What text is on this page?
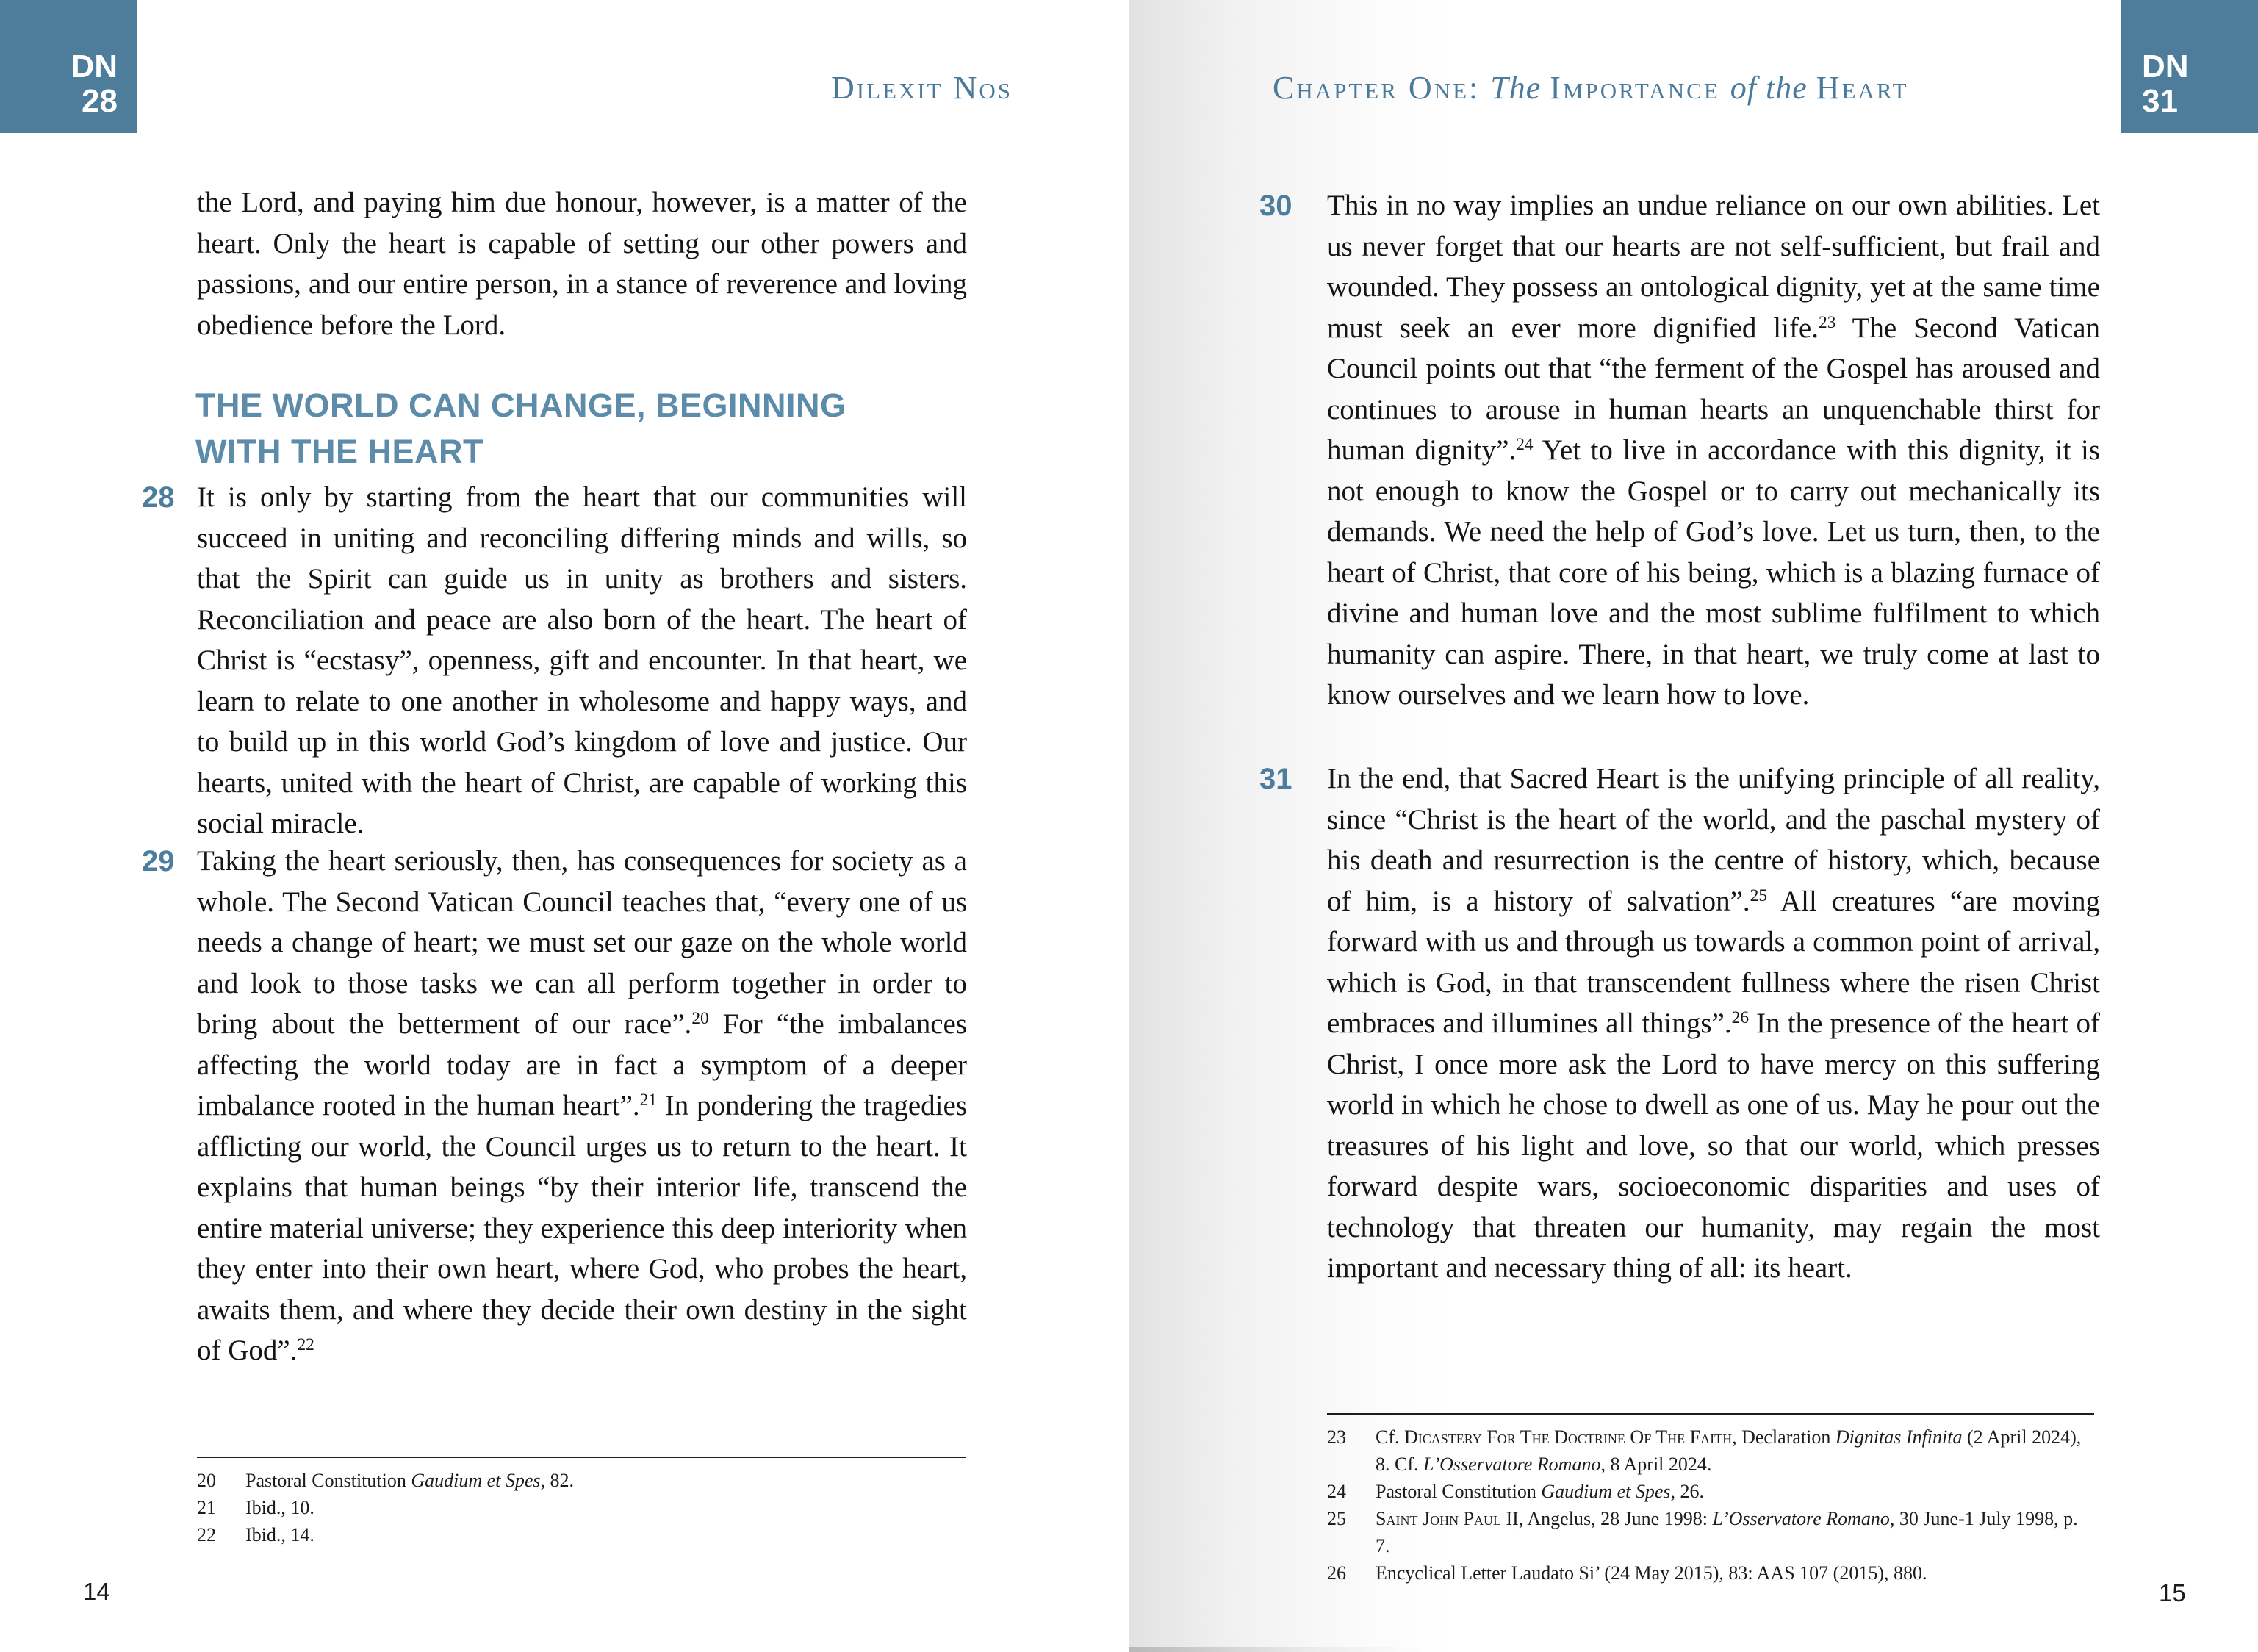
DN
28	Dilexit Nos

the Lord, and paying him due honour, however, is a matter of the heart. Only the heart is capable of setting our other powers and passions, and our entire person, in a stance of reverence and loving obedience before the Lord.

THE WORLD CAN CHANGE, BEGINNING
WITH THE HEART
28 It is only by starting from the heart that our communities will succeed in uniting and reconciling differing minds and wills, so that the Spirit can guide us in unity as brothers and sisters. Reconciliation and peace are also born of the heart. The heart of Christ is “ecstasy”, openness, gift and encounter. In that heart, we learn to relate to one another in wholesome and happy ways, and to build up in this world God’s kingdom of love and justice. Our hearts, united with the heart of Christ, are capable of working this social miracle.

29 Taking the heart seriously, then, has consequences for society as a whole. The Second Vatican Council teaches that, “every one of us needs a change of heart; we must set our gaze on the whole world and look to those tasks we can all perform together in order to bring about the betterment of our race”.$^{20}$ For “the imbalances affecting the world today are in fact a symptom of a deeper imbalance rooted in the human heart”.$^{21}$ In pondering the tragedies afflicting our world, the Council urges us to return to the heart. It explains that human beings “by their interior life, transcend the entire material universe; they experience this deep interiority when they enter into their own heart, where God, who probes the heart, awaits them, and where they decide their own destiny in the sight of God”.$^{22}$

20 Pastoral Constitution Gaudium et Spes, 82.
21 Ibid., 10.
22 Ibid., 14.
14
DN
31
Chapter One: The Importance of the Heart
30 This in no way implies an undue reliance on our own abilities. Let us never forget that our hearts are not self-sufficient, but frail and wounded. They possess an ontological dignity, yet at the same time must seek an ever more dignified life.$^{23}$ The Second Vatican Council points out that “the ferment of the Gospel has aroused and continues to arouse in human hearts an unquenchable thirst for human dignity”.$^{24}$ Yet to live in accordance with this dignity, it is not enough to know the Gospel or to carry out mechanically its demands. We need the help of God’s love. Let us turn, then, to the heart of Christ, that core of his being, which is a blazing furnace of divine and human love and the most sublime fulfilment to which humanity can aspire. There, in that heart, we truly come at last to know ourselves and we learn how to love.

31 In the end, that Sacred Heart is the unifying principle of all reality, since “Christ is the heart of the world, and the paschal mystery of his death and resurrection is the centre of history, which, because of him, is a history of salvation”.$^{25}$ All creatures “are moving forward with us and through us towards a common point of arrival, which is God, in that transcendent fullness where the risen Christ embraces and illumines all things”.$^{26}$ In the presence of the heart of Christ, I once more ask the Lord to have mercy on this suffering world in which he chose to dwell as one of us. May he pour out the treasures of his light and love, so that our world, which presses forward despite wars, socioeconomic disparities and uses of technology that threaten our humanity, may regain the most important and necessary thing of all: its heart.

23 Cf. Dicastery For The Doctrine Of The Faith, Declaration Dignitas Infinita (2 April 2024), 8. Cf. L’Osservatore Romano, 8 April 2024.
24 Pastoral Constitution Gaudium et Spes, 26.
25 Saint John Paul II, Angelus, 28 June 1998: L’Osservatore Romano, 30 June-1 July 1998, p. 7.
26 Encyclical Letter Laudato Si’ (24 May 2015), 83: AAS 107 (2015), 880.
15
